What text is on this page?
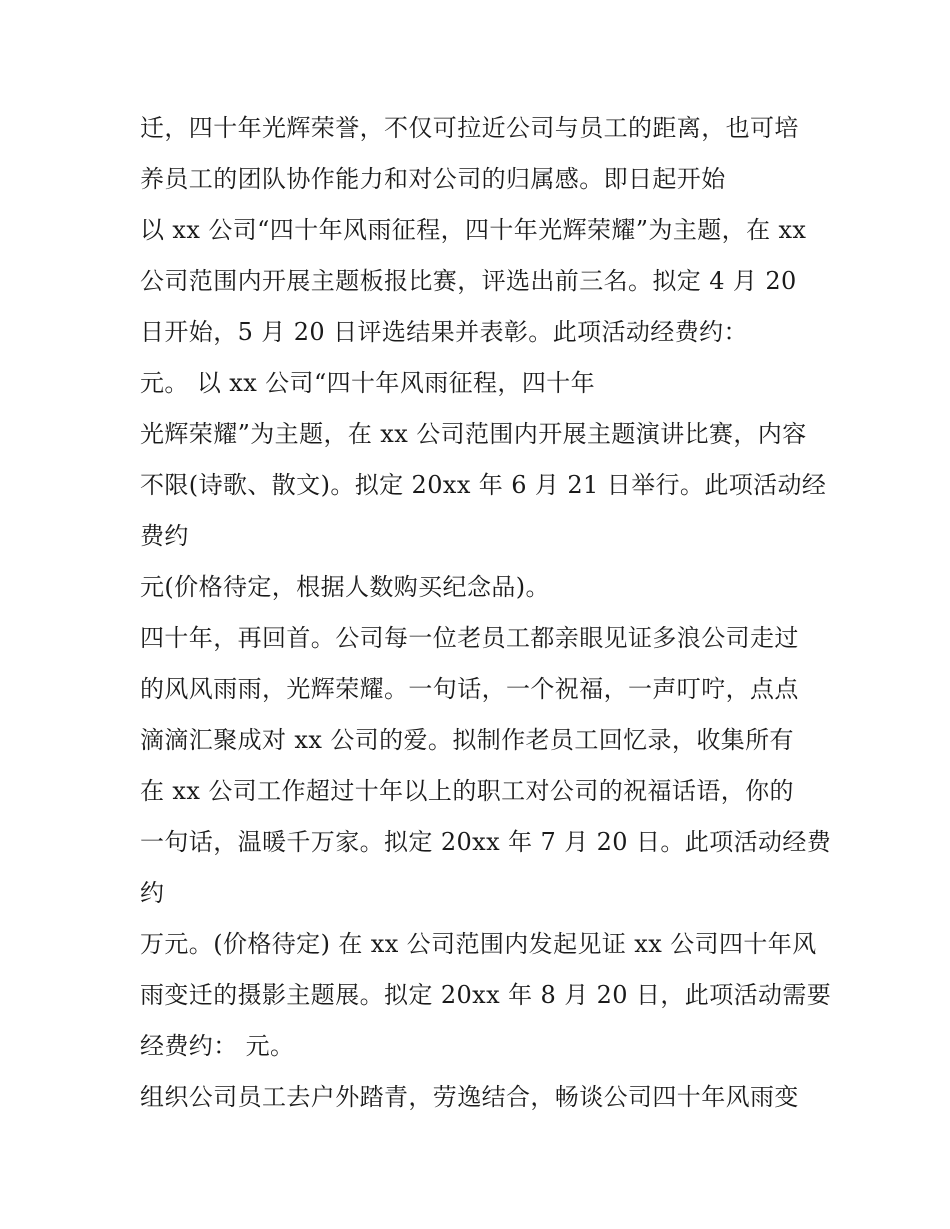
迁，四十年光辉荣誉，不仅可拉近公司与员工的距离，也可培
养员工的团队协作能力和对公司的归属感。即日起开始
以 xx 公司“四十年风雨征程，四十年光辉荣耀”为主题，在 xx
公司范围内开展主题板报比赛，评选出前三名。拟定 4 月 20
日开始，5 月 20 日评选结果并表彰。此项活动经费约：
元。 以 xx 公司“四十年风雨征程，四十年
光辉荣耀”为主题，在 xx 公司范围内开展主题演讲比赛，内容
不限(诗歌、散文)。拟定 20xx 年 6 月 21 日举行。此项活动经
费约
元(价格待定，根据人数购买纪念品)。
四十年，再回首。公司每一位老员工都亲眼见证多浪公司走过
的风风雨雨，光辉荣耀。一句话，一个祝福，一声叮咛，点点
滴滴汇聚成对 xx 公司的爱。拟制作老员工回忆录，收集所有
在 xx 公司工作超过十年以上的职工对公司的祝福话语，你的
一句话，温暖千万家。拟定 20xx 年 7 月 20 日。此项活动经费
约
万元。(价格待定) 在 xx 公司范围内发起见证 xx 公司四十年风
雨变迁的摄影主题展。拟定 20xx 年 8 月 20 日，此项活动需要
经费约： 元。
组织公司员工去户外踏青，劳逸结合，畅谈公司四十年风雨变
